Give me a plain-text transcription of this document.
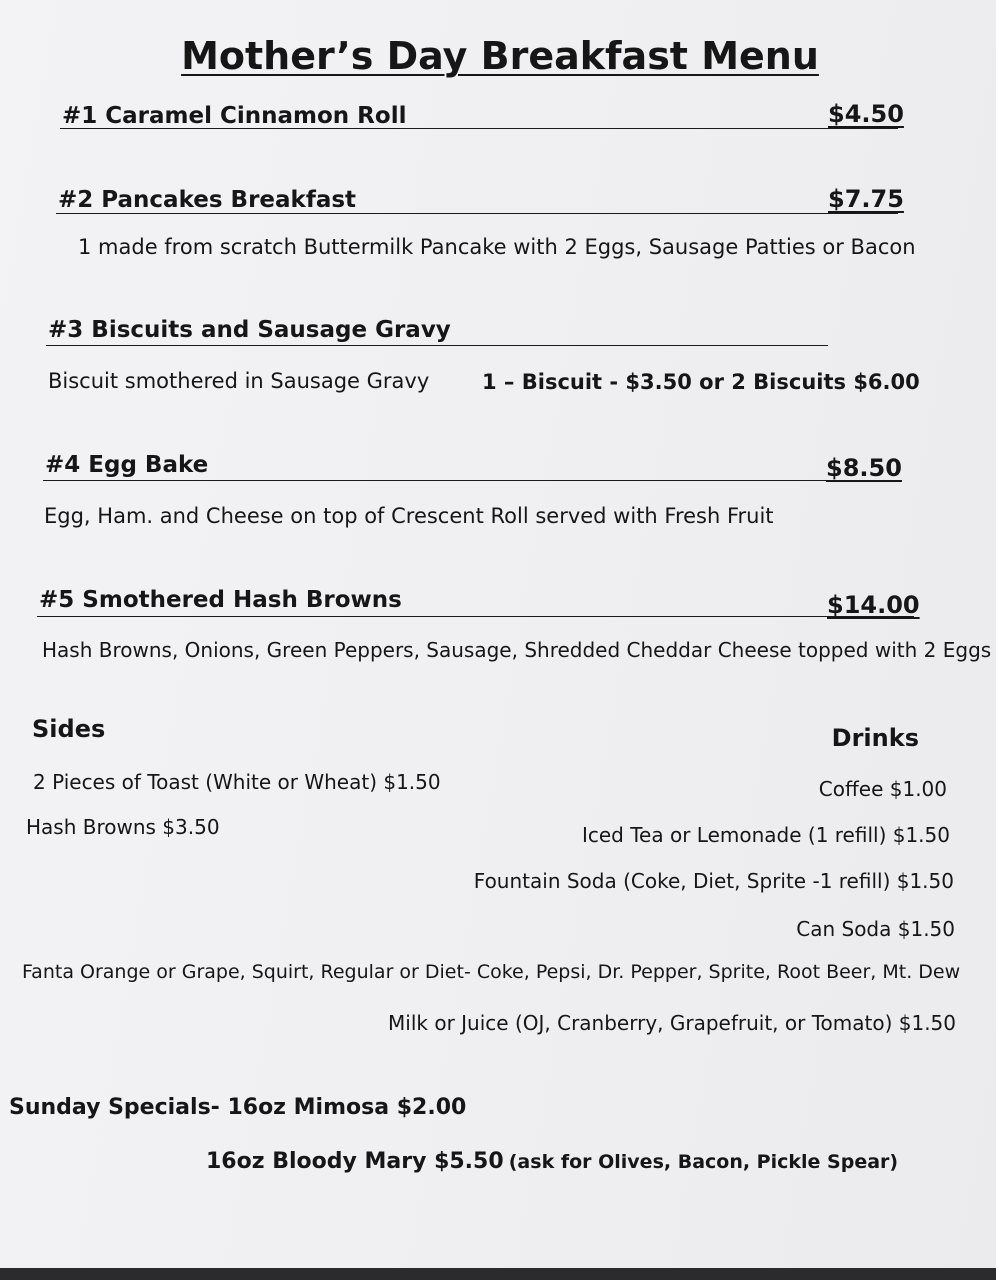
Mother’s Day Breakfast Menu
#1 Caramel Cinnamon Roll	$4.50
#2 Pancakes Breakfast	$7.75
1 made from scratch Buttermilk Pancake with 2 Eggs, Sausage Patties or Bacon
#3 Biscuits and Sausage Gravy
Biscuit smothered in Sausage Gravy	1 – Biscuit - $3.50 or 2 Biscuits $6.00
#4 Egg Bake	$8.50
Egg, Ham. and Cheese on top of Crescent Roll served with Fresh Fruit
#5 Smothered Hash Browns	$14.00
Hash Browns, Onions, Green Peppers, Sausage, Shredded Cheddar Cheese topped with 2 Eggs
Sides
2 Pieces of Toast (White or Wheat) $1.50
Hash Browns $3.50
Drinks
Coffee $1.00
Iced Tea or Lemonade (1 refill) $1.50
Fountain Soda (Coke, Diet, Sprite -1 refill) $1.50
Can Soda $1.50
Fanta Orange or Grape, Squirt, Regular or Diet- Coke, Pepsi, Dr. Pepper, Sprite, Root Beer, Mt. Dew
Milk or Juice (OJ, Cranberry, Grapefruit, or Tomato) $1.50
Sunday Specials- 16oz Mimosa $2.00
16oz Bloody Mary $5.50 (ask for Olives, Bacon, Pickle Spear)
